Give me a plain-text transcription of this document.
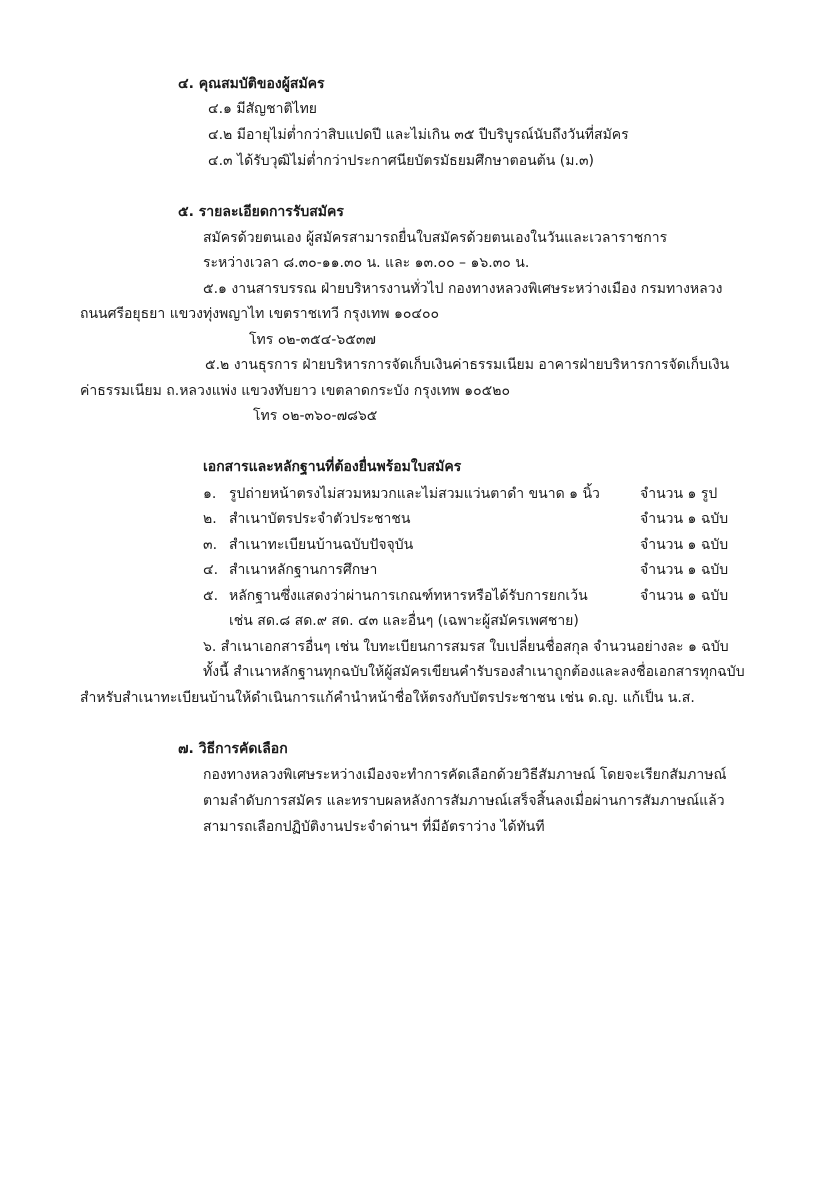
๔. คุณสมบัติของผู้สมัคร
๔.๑ มีสัญชาติไทย
๔.๒ มีอายุไม่ต่ำกว่าสิบแปดปี และไม่เกิน ๓๕ ปีบริบูรณ์นับถึงวันที่สมัคร
๔.๓ ได้รับวุฒิไม่ต่ำกว่าประกาศนียบัตรมัธยมศึกษาตอนต้น (ม.๓)
๕. รายละเอียดการรับสมัคร
สมัครด้วยตนเอง ผู้สมัครสามารถยื่นใบสมัครด้วยตนเองในวันและเวลาราชการ
ระหว่างเวลา ๘.๓๐-๑๑.๓๐ น. และ ๑๓.๐๐ – ๑๖.๓๐ น.
๕.๑ งานสารบรรณ ฝ่ายบริหารงานทั่วไป กองทางหลวงพิเศษระหว่างเมือง กรมทางหลวง
ถนนศรีอยุธยา แขวงทุ่งพญาไท เขตราชเทวี กรุงเทพ ๑๐๔๐๐
โทร ๐๒-๓๕๔-๖๕๓๗
๕.๒ งานธุรการ ฝ่ายบริหารการจัดเก็บเงินค่าธรรมเนียม อาคารฝ่ายบริหารการจัดเก็บเงิน
ค่าธรรมเนียม ถ.หลวงแพ่ง แขวงทับยาว เขตลาดกระบัง กรุงเทพ ๑๐๕๒๐
โทร ๐๒-๓๖๐-๗๘๖๕
เอกสารและหลักฐานที่ต้องยื่นพร้อมใบสมัคร
๑. รูปถ่ายหน้าตรงไม่สวมหมวกและไม่สวมแว่นตาดำ ขนาด ๑ นิ้ว	จำนวน ๑ รูป
๒. สำเนาบัตรประจำตัวประชาชน	จำนวน ๑ ฉบับ
๓. สำเนาทะเบียนบ้านฉบับปัจจุบัน	จำนวน ๑ ฉบับ
๔. สำเนาหลักฐานการศึกษา	จำนวน ๑ ฉบับ
๕. หลักฐานซึ่งแสดงว่าผ่านการเกณฑ์ทหารหรือได้รับการยกเว้น	จำนวน ๑ ฉบับ
เช่น สด.๘ สด.๙ สด. ๔๓ และอื่นๆ (เฉพาะผู้สมัครเพศชาย)
๖. สำเนาเอกสารอื่นๆ เช่น ใบทะเบียนการสมรส ใบเปลี่ยนชื่อสกุล จำนวนอย่างละ ๑ ฉบับ
ทั้งนี้ สำเนาหลักฐานทุกฉบับให้ผู้สมัครเขียนคำรับรองสำเนาถูกต้องและลงชื่อเอกสารทุกฉบับ
สำหรับสำเนาทะเบียนบ้านให้ดำเนินการแก้คำนำหน้าชื่อให้ตรงกับบัตรประชาชน เช่น ด.ญ. แก้เป็น น.ส.
๗. วิธีการคัดเลือก
กองทางหลวงพิเศษระหว่างเมืองจะทำการคัดเลือกด้วยวิธีสัมภาษณ์ โดยจะเรียกสัมภาษณ์
ตามลำดับการสมัคร และทราบผลหลังการสัมภาษณ์เสร็จสิ้นลงเมื่อผ่านการสัมภาษณ์แล้ว
สามารถเลือกปฏิบัติงานประจำด่านฯ ที่มีอัตราว่าง ได้ทันที
